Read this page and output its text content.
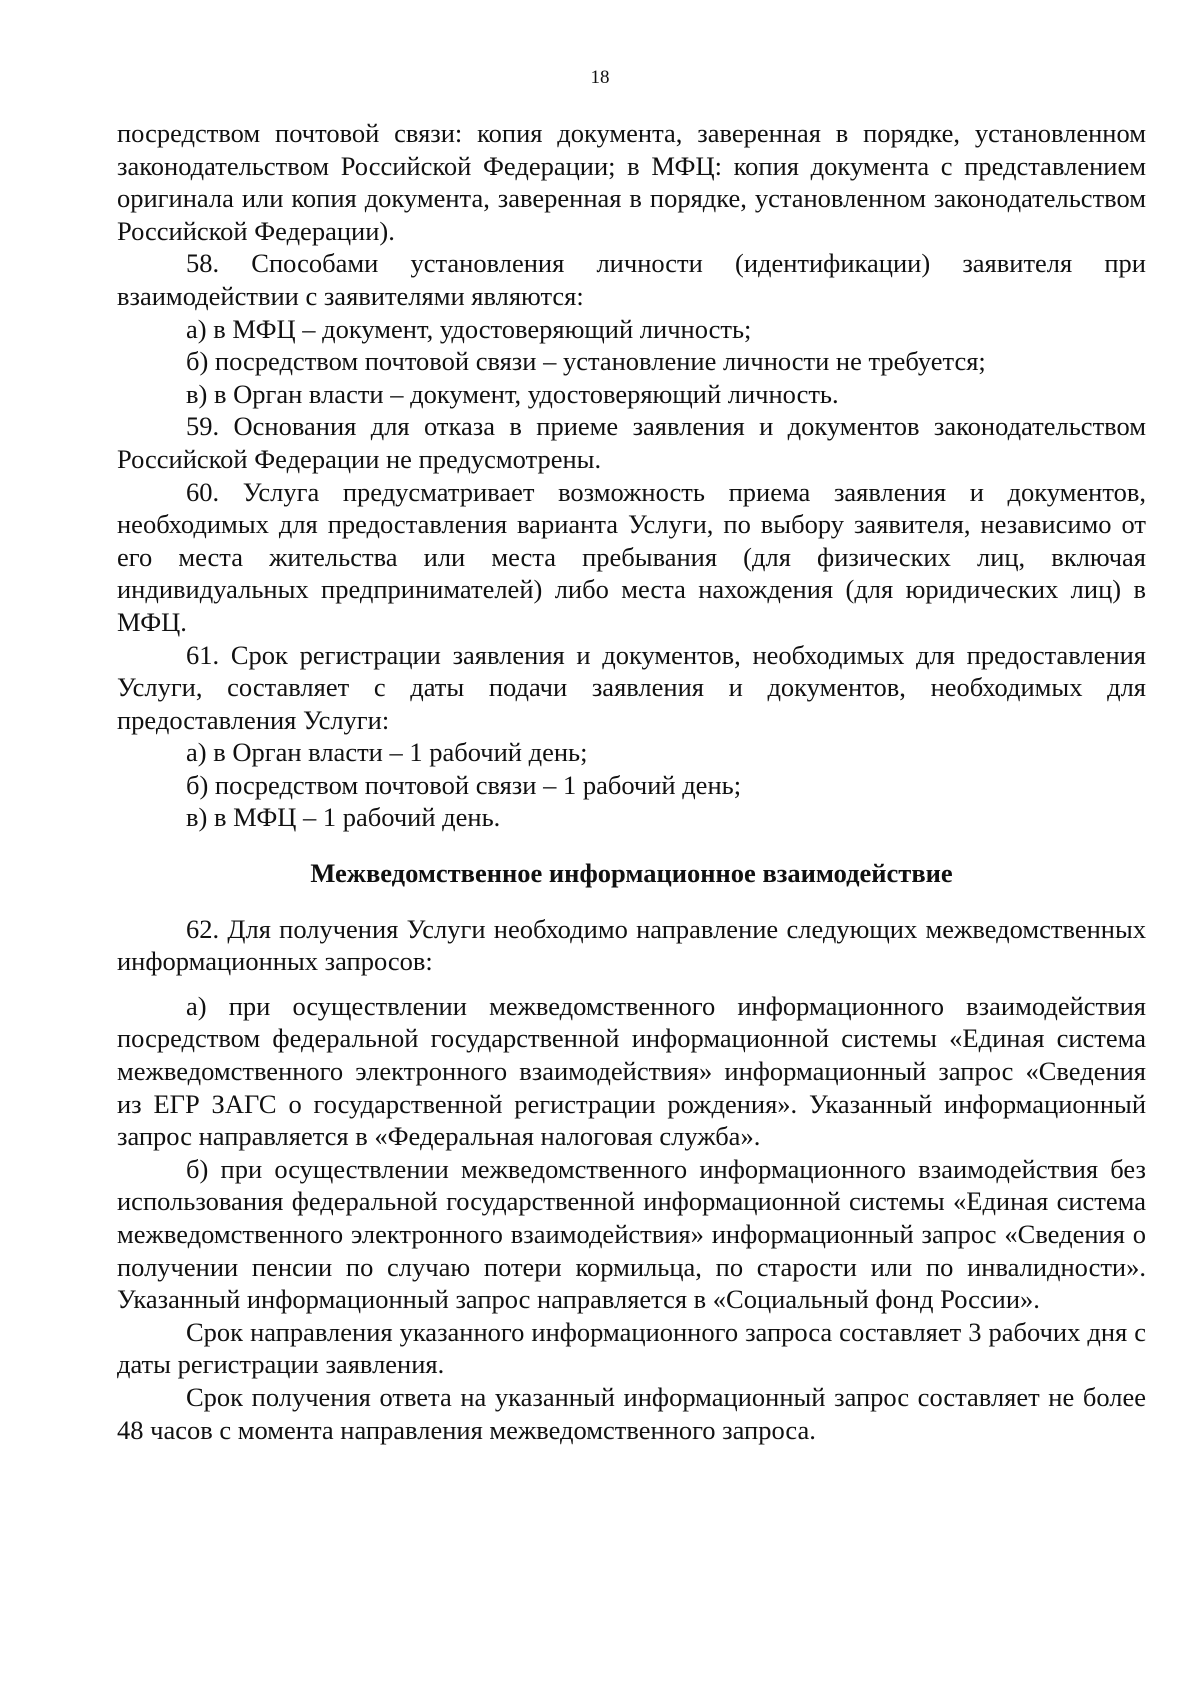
18

посредством почтовой связи: копия документа, заверенная в порядке, установленном законодательством Российской Федерации; в МФЦ: копия документа с представлением оригинала или копия документа, заверенная в порядке, установленном законодательством Российской Федерации).

58. Способами установления личности (идентификации) заявителя при взаимодействии с заявителями являются:

а) в МФЦ – документ, удостоверяющий личность;

б) посредством почтовой связи – установление личности не требуется;

в) в Орган власти – документ, удостоверяющий личность.

59. Основания для отказа в приеме заявления и документов законодательством Российской Федерации не предусмотрены.

60. Услуга предусматривает возможность приема заявления и документов, необходимых для предоставления варианта Услуги, по выбору заявителя, независимо от его места жительства или места пребывания (для физических лиц, включая индивидуальных предпринимателей) либо места нахождения (для юридических лиц) в МФЦ.

61. Срок регистрации заявления и документов, необходимых для предоставления Услуги, составляет с даты подачи заявления и документов, необходимых для предоставления Услуги:

а) в Орган власти – 1 рабочий день;

б) посредством почтовой связи – 1 рабочий день;

в) в МФЦ – 1 рабочий день.

Межведомственное информационное взаимодействие

62. Для получения Услуги необходимо направление следующих межведомственных информационных запросов:

а) при осуществлении межведомственного информационного взаимодействия посредством федеральной государственной информационной системы «Единая система межведомственного электронного взаимодействия» информационный запрос «Сведения из ЕГР ЗАГС о государственной регистрации рождения». Указанный информационный запрос направляется в «Федеральная налоговая служба».

б) при осуществлении межведомственного информационного взаимодействия без использования федеральной государственной информационной системы «Единая система межведомственного электронного взаимодействия» информационный запрос «Сведения о получении пенсии по случаю потери кормильца, по старости или по инвалидности». Указанный информационный запрос направляется в «Социальный фонд России».

Срок направления указанного информационного запроса составляет 3 рабочих дня с даты регистрации заявления.

Срок получения ответа на указанный информационный запрос составляет не более 48 часов с момента направления межведомственного запроса.
